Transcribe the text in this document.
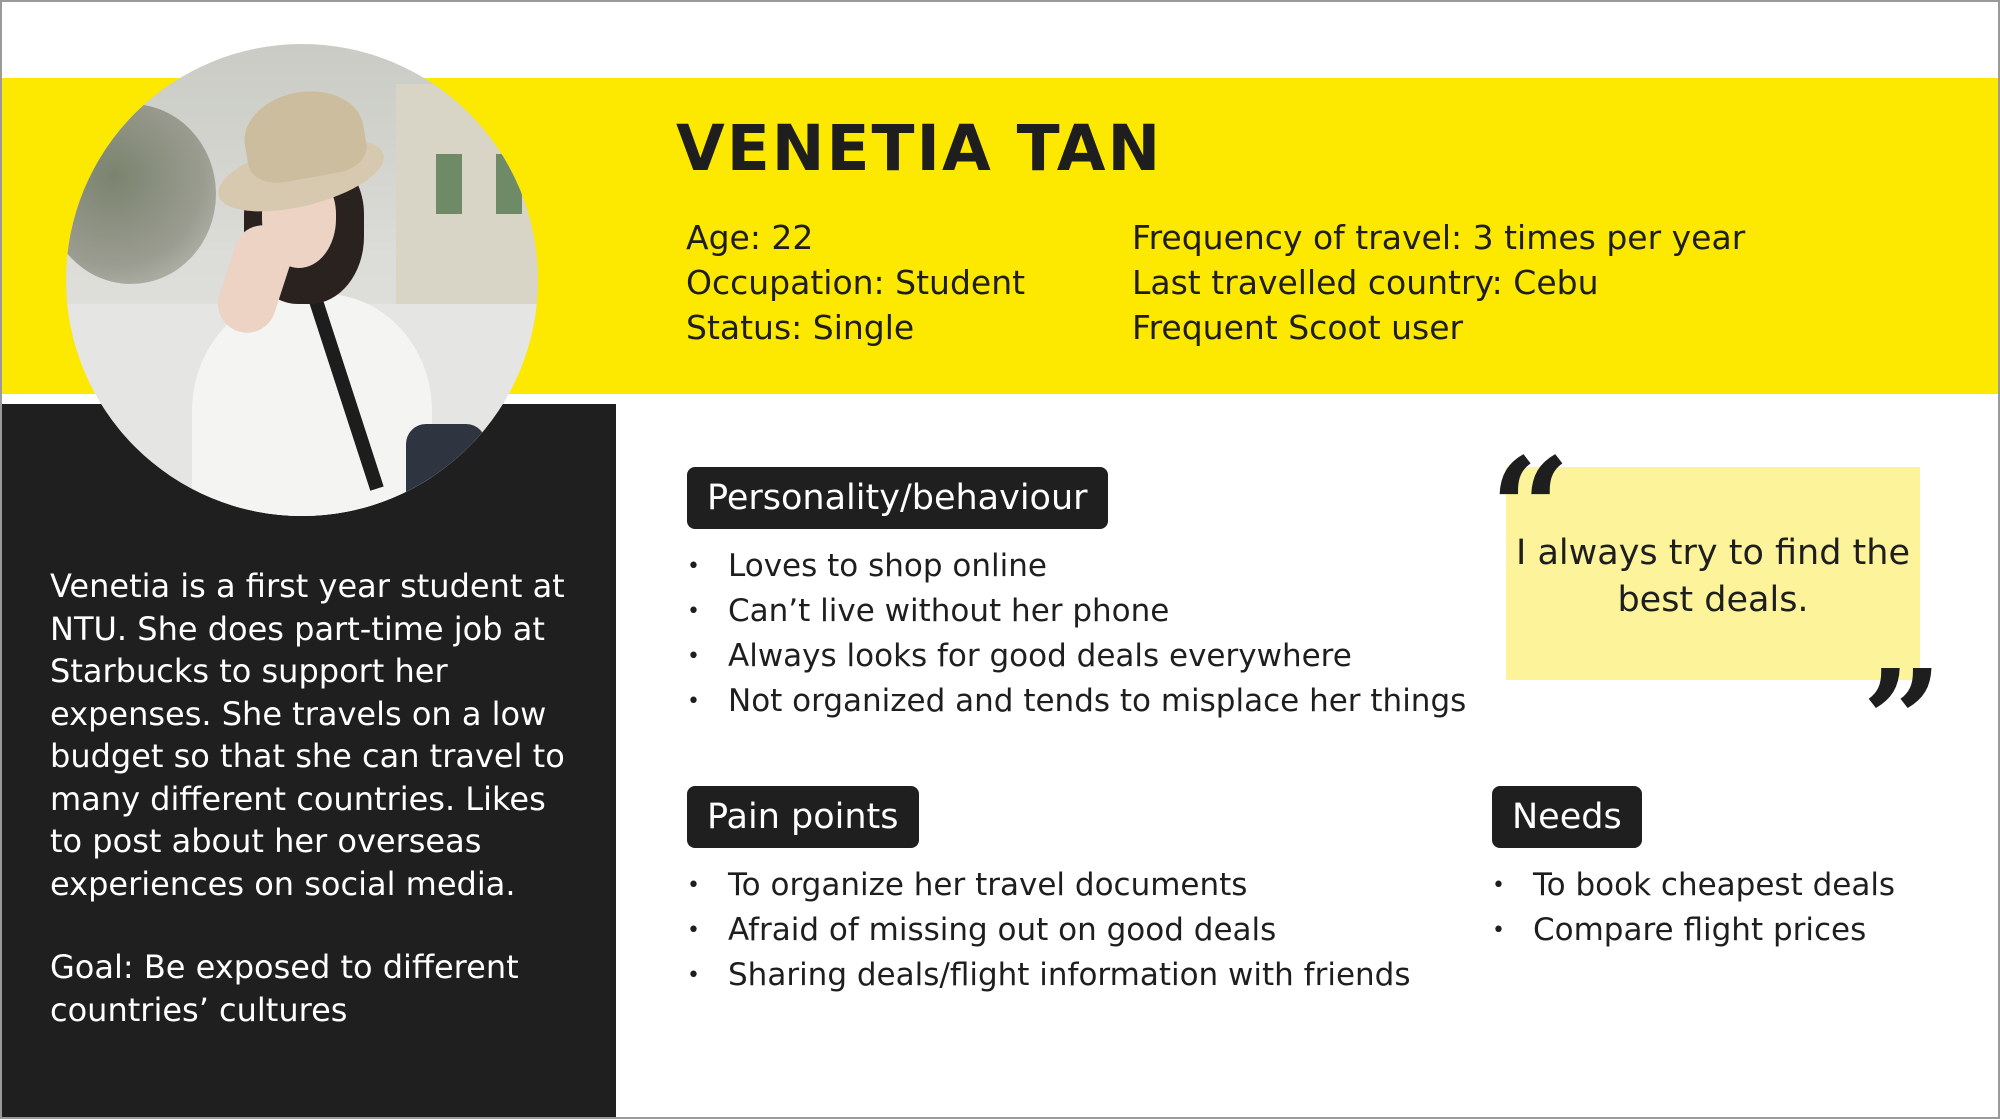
VENETIA TAN
Age: 22
Occupation: Student
Status: Single
Frequency of travel: 3 times per year
Last travelled country: Cebu
Frequent Scoot user

Venetia is a first year student at NTU. She does part-time job at Starbucks to support her expenses. She travels on a low budget so that she can travel to many different countries. Likes to post about her overseas experiences on social media.

Goal: Be exposed to different countries’ cultures

Personality/behaviour
• Loves to shop online
• Can’t live without her phone
• Always looks for good deals everywhere
• Not organized and tends to misplace her things
Pain points
• To organize her travel documents
• Afraid of missing out on good deals
• Sharing deals/flight information with friends
Needs
• To book cheapest deals
• Compare flight prices
“
I always try to find the best deals.
”
